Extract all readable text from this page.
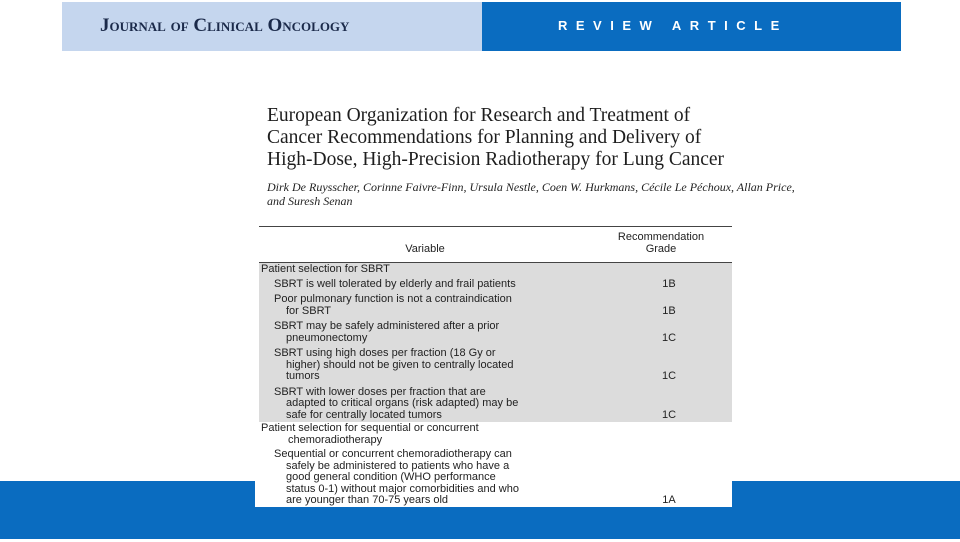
Journal of Clinical Oncology	REVIEW ARTICLE
European Organization for Research and Treatment of
Cancer Recommendations for Planning and Delivery of
High-Dose, High-Precision Radiotherapy for Lung Cancer
Dirk De Ruysscher, Corinne Faivre-Finn, Ursula Nestle, Coen W. Hurkmans, Cécile Le Péchoux, Allan Price,
and Suresh Senan
Variable
Recommendation
Grade
Patient selection for SBRT
SBRT is well tolerated by elderly and frail patients	1B
Poor pulmonary function is not a contraindication
for SBRT	1B
SBRT may be safely administered after a prior
pneumonectomy	1C
SBRT using high doses per fraction (18 Gy or
higher) should not be given to centrally located
tumors	1C
SBRT with lower doses per fraction that are
adapted to critical organs (risk adapted) may be
safe for centrally located tumors	1C
Patient selection for sequential or concurrent
chemoradiotherapy
Sequential or concurrent chemoradiotherapy can
safely be administered to patients who have a
good general condition (WHO performance
status 0-1) without major comorbidities and who
are younger than 70-75 years old	1A
